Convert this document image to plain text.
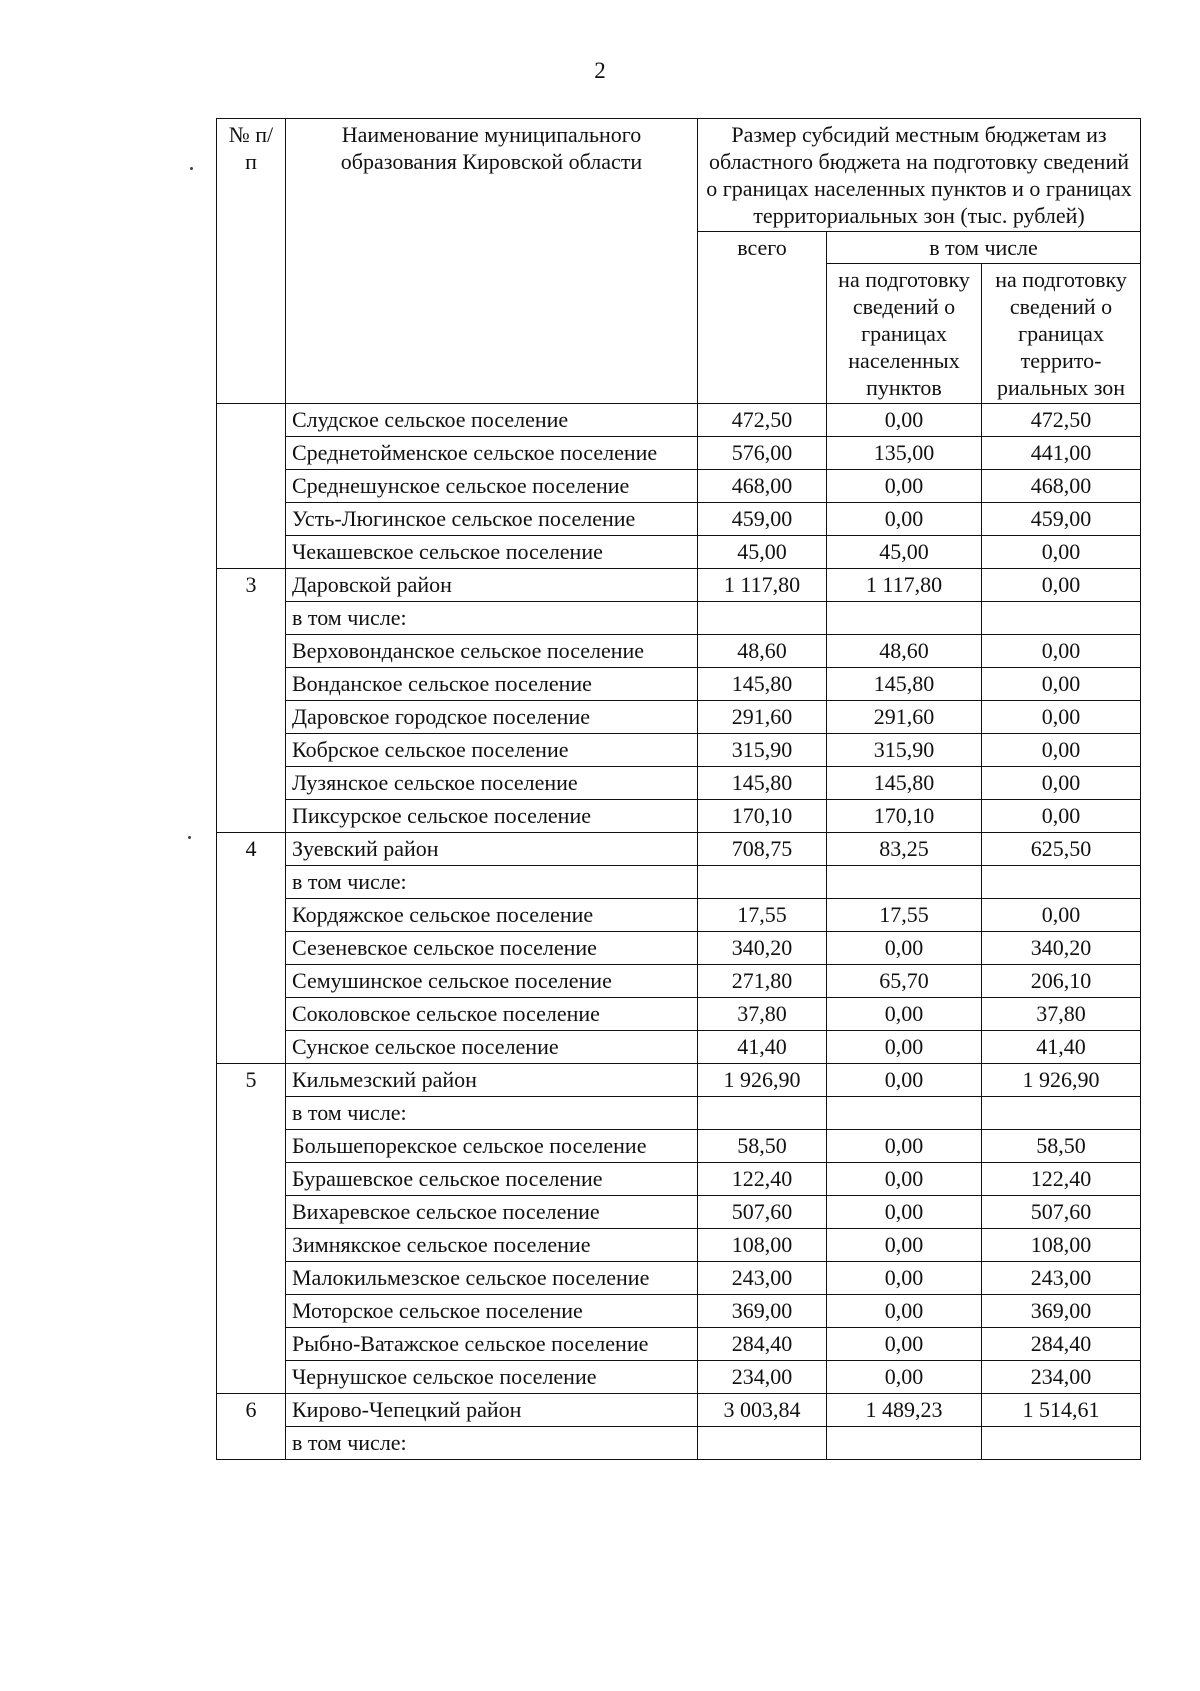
2
№ п/п	Наименование муниципального образования Кировской области	Размер субсидий местным бюджетам из областного бюджета на подготовку сведений о границах населенных пунктов и о границах территориальных зон (тыс. рублей)		
		всего	в том числе	
			на подготовку сведений о границах населенных пунктов	на подготовку сведений о границах террито-риальных зон
	Слудское сельское поселение	472,50	0,00	472,50
	Среднетойменское сельское поселение	576,00	135,00	441,00
	Среднешунское сельское поселение	468,00	0,00	468,00
	Усть-Люгинское сельское поселение	459,00	0,00	459,00
	Чекашевское сельское поселение	45,00	45,00	0,00
3	Даровской район	1 117,80	1 117,80	0,00
	в том числе:			
	Верховонданское сельское поселение	48,60	48,60	0,00
	Вонданское сельское поселение	145,80	145,80	0,00
	Даровское городское поселение	291,60	291,60	0,00
	Кобрское сельское поселение	315,90	315,90	0,00
	Лузянское сельское поселение	145,80	145,80	0,00
	Пиксурское сельское поселение	170,10	170,10	0,00
4	Зуевский район	708,75	83,25	625,50
	в том числе:			
	Кордяжское сельское поселение	17,55	17,55	0,00
	Сезеневское сельское поселение	340,20	0,00	340,20
	Семушинское сельское поселение	271,80	65,70	206,10
	Соколовское сельское поселение	37,80	0,00	37,80
	Сунское сельское поселение	41,40	0,00	41,40
5	Кильмезский район	1 926,90	0,00	1 926,90
	в том числе:			
	Большепорекское сельское поселение	58,50	0,00	58,50
	Бурашевское сельское поселение	122,40	0,00	122,40
	Вихаревское сельское поселение	507,60	0,00	507,60
	Зимнякское сельское поселение	108,00	0,00	108,00
	Малокильмезское сельское поселение	243,00	0,00	243,00
	Моторское сельское поселение	369,00	0,00	369,00
	Рыбно-Ватажское сельское поселение	284,40	0,00	284,40
	Чернушское сельское поселение	234,00	0,00	234,00
6	Кирово-Чепецкий район	3 003,84	1 489,23	1 514,61
	в том числе:			
